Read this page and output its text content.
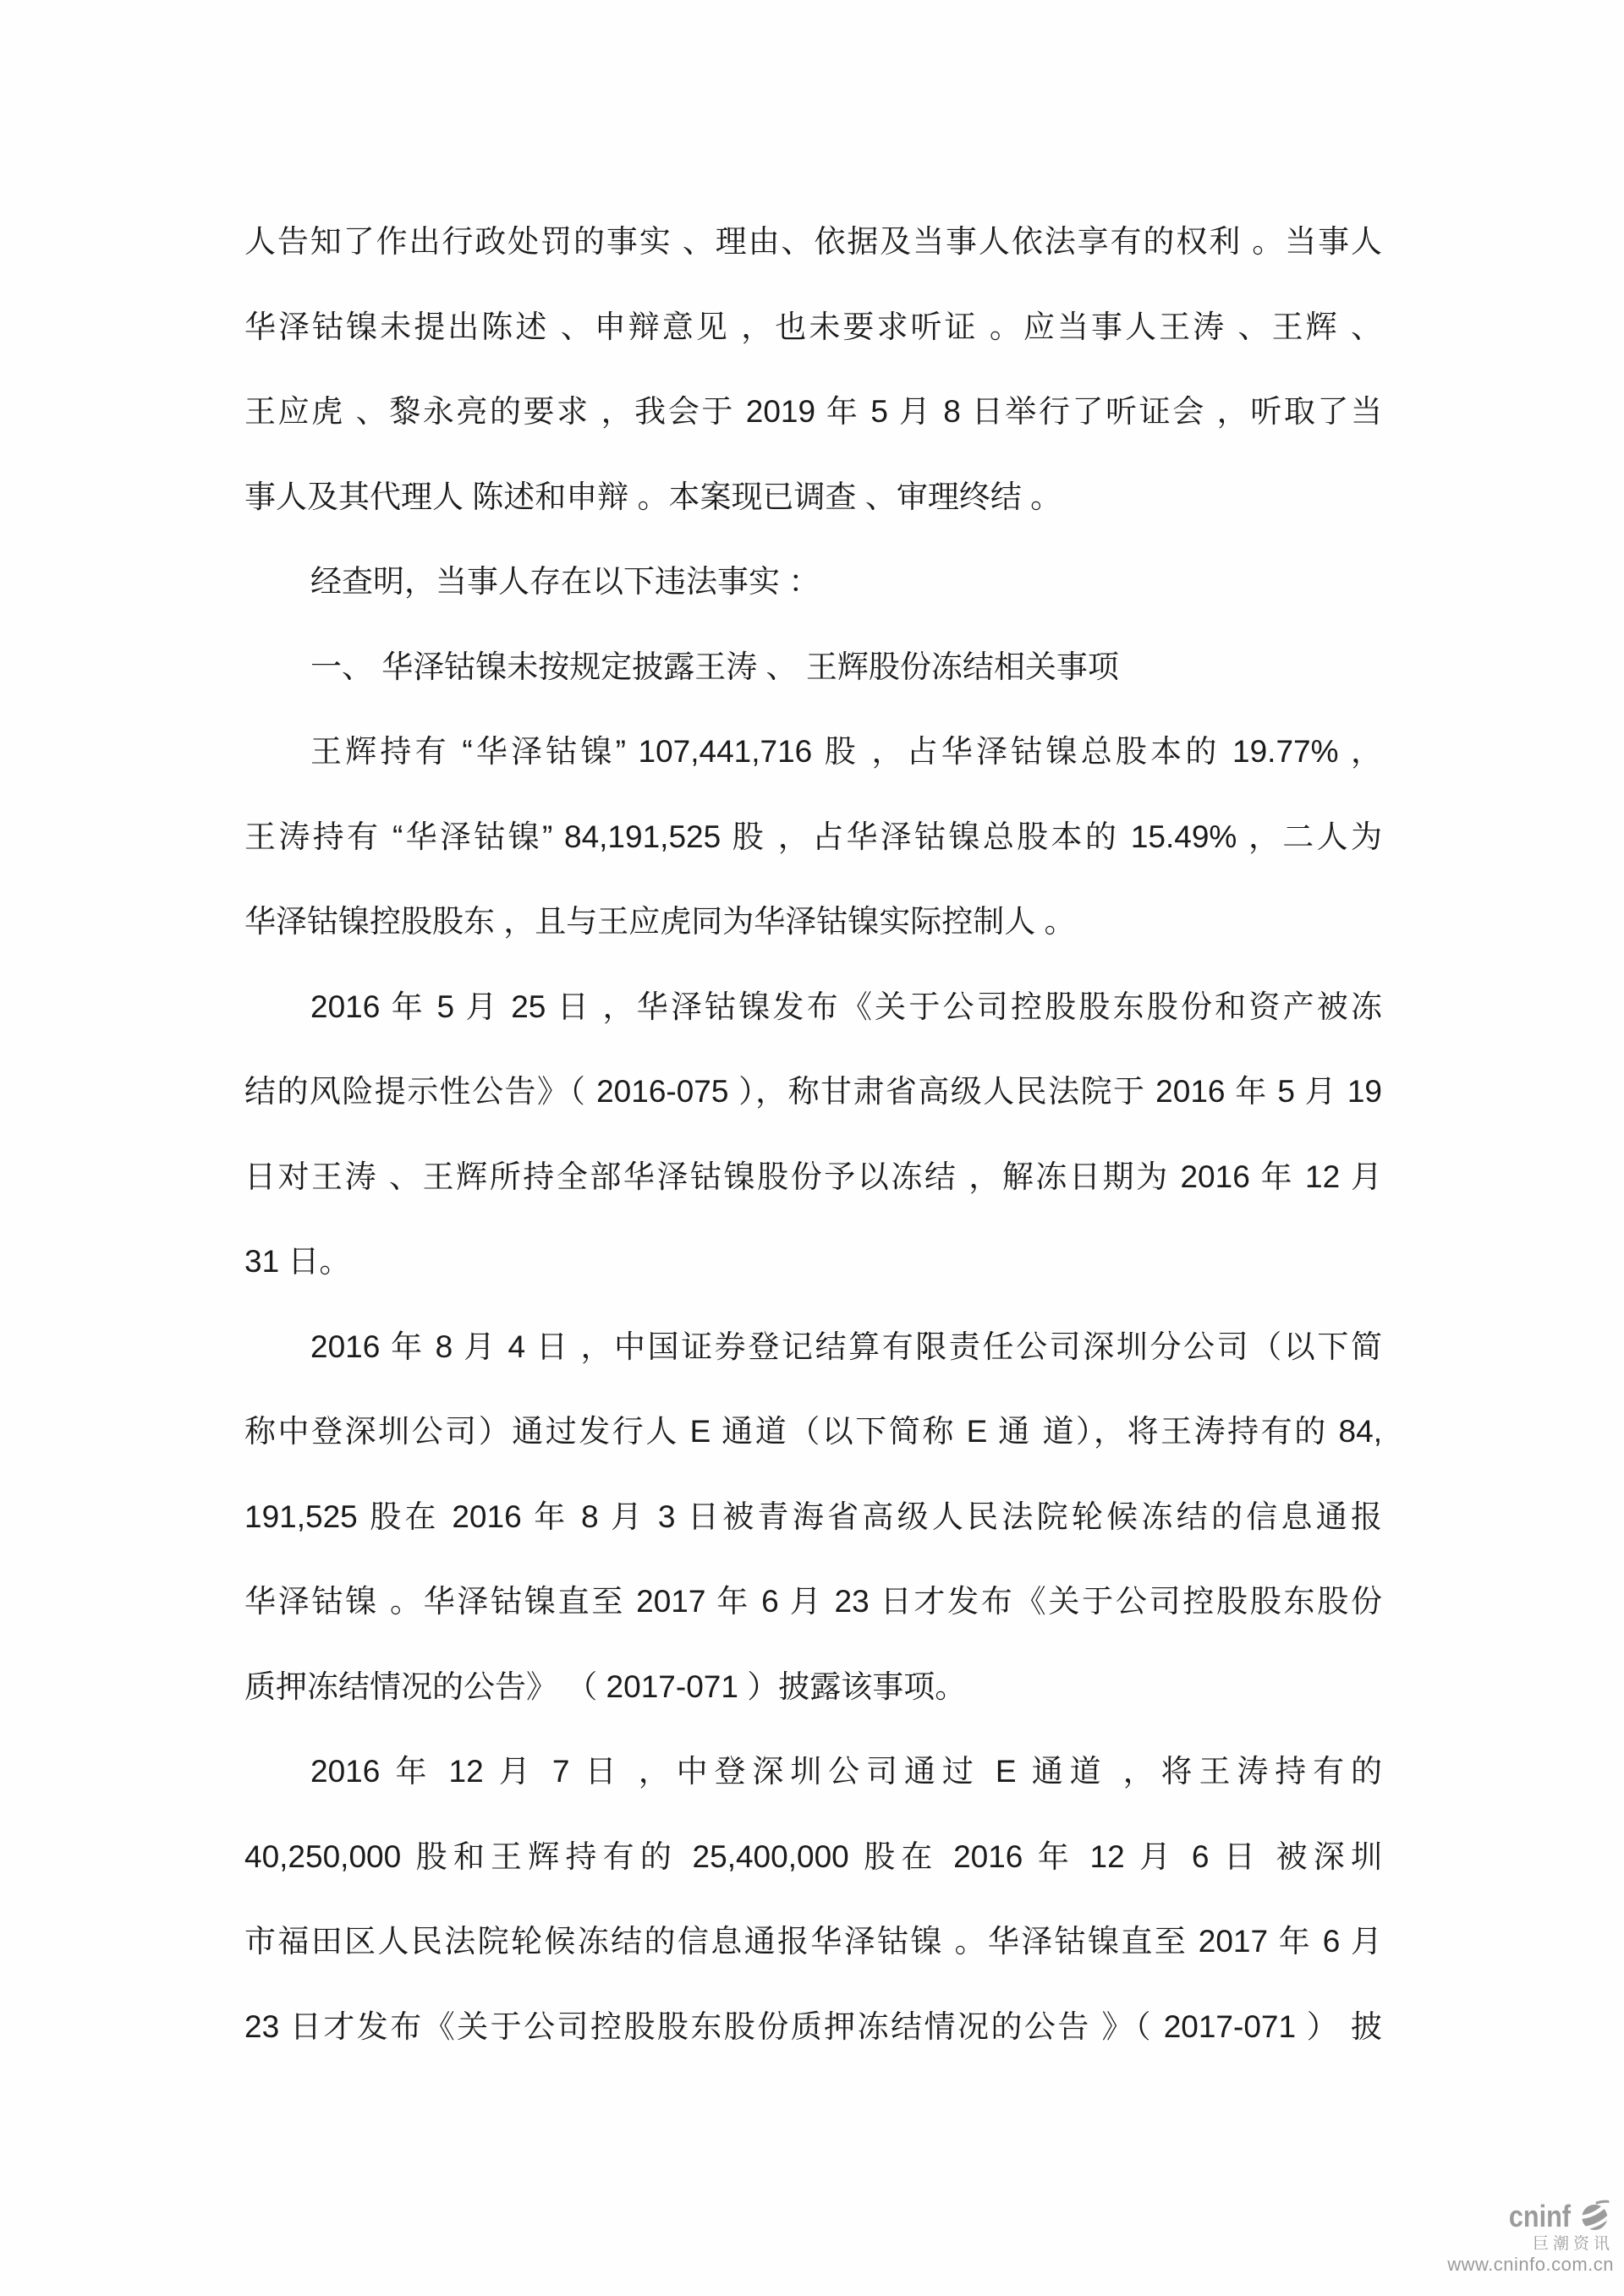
人告知了作出行政处罚的事实 、理由、依据及当事人依法享有的权利 。当事人
华泽钴镍未提出陈述 、申辩意见 ，也未要求听证 。应当事人王涛 、王辉 、
王应虎 、黎永亮的要求 ，我会于 2019 年 5 月 8 日举行了听证会 ，听取了当
事人及其代理人 陈述和申辩 。本案现已调查 、审理终结 。
经查明，当事人存在以下违法事实 ：
一、 华泽钴镍未按规定披露王涛 、 王辉股份冻结相关事项
王辉持有 “华泽钴镍” 107,441,716 股 ，占华泽钴镍总股本的 19.77% ，
王涛持有 “华泽钴镍” 84,191,525 股 ，占华泽钴镍总股本的 15.49% ，二人为
华泽钴镍控股股东 ，且与王应虎同为华泽钴镍实际控制人 。
2016 年 5 月 25 日 ，华泽钴镍发布《关于公司控股股东股份和资产被冻
结的风险提示性公告》（ 2016-075 ），称甘肃省高级人民法院于 2016 年 5 月 19
日对王涛 、王辉所持全部华泽钴镍股份予以冻结 ，解冻日期为 2016 年 12 月
31 日。
2016 年 8 月 4 日 ，中国证券登记结算有限责任公司深圳分公司（以下简
称中登深圳公司）通过发行人 E 通道（以下简称 E 通 道），将王涛持有的 84,
191,525 股在 2016 年 8 月 3 日被青海省高级人民法院轮候冻结的信息通报
华泽钴镍 。华泽钴镍直至 2017 年 6 月 23 日才发布《关于公司控股股东股份
质押冻结情况的公告》 （ 2017-071 ）披露该事项。
2016 年 12 月 7 日 ，中登深圳公司通过 E 通道 ，将王涛持有的
40,250,000 股和王辉持有的 25,400,000 股在 2016 年 12 月 6 日 被深圳
市福田区人民法院轮候冻结的信息通报华泽钴镍 。华泽钴镍直至 2017 年 6 月
23 日才发布《关于公司控股股东股份质押冻结情况的公告 》（ 2017-071 ） 披
cninf
巨潮资讯
www.cninfo.com.cn
